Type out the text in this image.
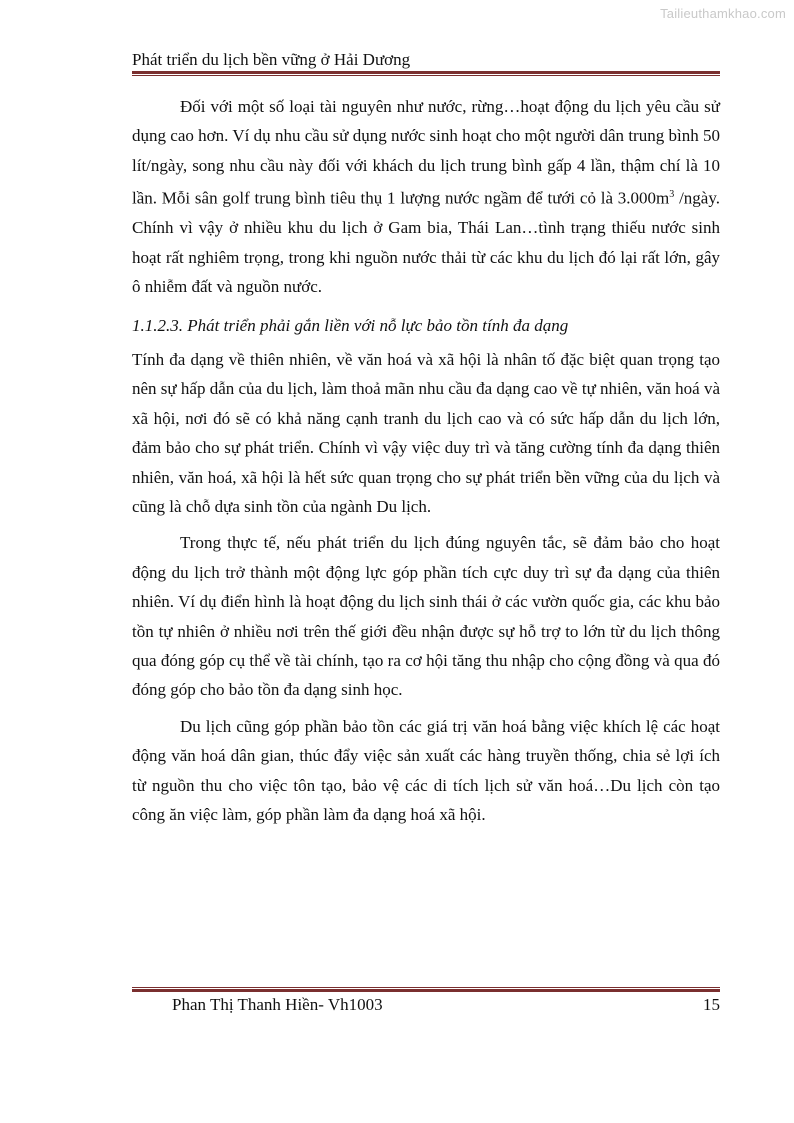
Tailieuthamkhao.com
Phát triển du lịch bền vững ở Hải Dương

Đối với một số loại tài nguyên như nước, rừng…hoạt động du lịch yêu cầu sử dụng cao hơn. Ví dụ nhu cầu sử dụng nước sinh hoạt cho một người dân trung bình 50 lít/ngày, song nhu cầu này đối với khách du lịch trung bình gấp 4 lần, thậm chí là 10 lần. Mỗi sân golf trung bình tiêu thụ 1 lượng nước ngầm để tưới cỏ là $3.000m^3$ /ngày. Chính vì vậy ở nhiều khu du lịch ở Gam bia, Thái Lan…tình trạng thiếu nước sinh hoạt rất nghiêm trọng, trong khi nguồn nước thải từ các khu du lịch đó lại rất lớn, gây ô nhiễm đất và nguồn nước.

1.1.2.3. Phát triển phải gắn liền với nỗ lực bảo tồn tính đa dạng

Tính đa dạng về thiên nhiên, về văn hoá và xã hội là nhân tố đặc biệt quan trọng tạo nên sự hấp dẫn của du lịch, làm thoả mãn nhu cầu đa dạng cao về tự nhiên, văn hoá và xã hội, nơi đó sẽ có khả năng cạnh tranh du lịch cao và có sức hấp dẫn du lịch lớn, đảm bảo cho sự phát triển. Chính vì vậy việc duy trì và tăng cường tính đa dạng thiên nhiên, văn hoá, xã hội là hết sức quan trọng cho sự phát triển bền vững của du lịch và cũng là chỗ dựa sinh tồn của ngành Du lịch.

Trong thực tế, nếu phát triển du lịch đúng nguyên tắc, sẽ đảm bảo cho hoạt động du lịch trở thành một động lực góp phần tích cực duy trì sự đa dạng của thiên nhiên. Ví dụ điển hình là hoạt động du lịch sinh thái ở các vườn quốc gia, các khu bảo tồn tự nhiên ở nhiều nơi trên thế giới đều nhận được sự hỗ trợ to lớn từ du lịch thông qua đóng góp cụ thể về tài chính, tạo ra cơ hội tăng thu nhập cho cộng đồng và qua đó đóng góp cho bảo tồn đa dạng sinh học.

Du lịch cũng góp phần bảo tồn các giá trị văn hoá bằng việc khích lệ các hoạt động văn hoá dân gian, thúc đẩy việc sản xuất các hàng truyền thống, chia sẻ lợi ích từ nguồn thu cho việc tôn tạo, bảo vệ các di tích lịch sử văn hoá…Du lịch còn tạo công ăn việc làm, góp phần làm đa dạng hoá xã hội.

Phan Thị Thanh Hiền- Vh1003	15
